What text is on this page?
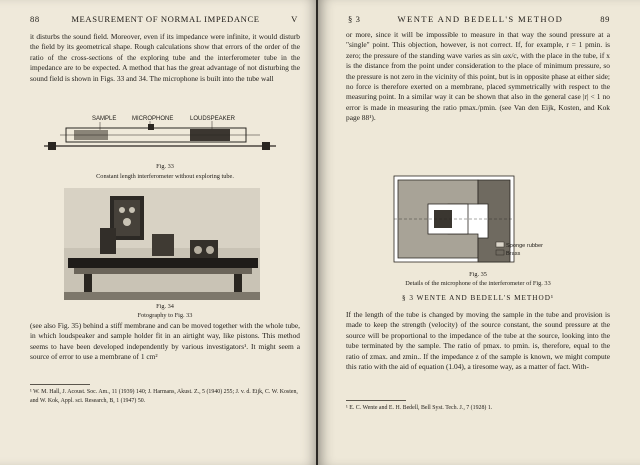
88	MEASUREMENT OF NORMAL IMPEDANCE	V

it disturbs the sound field. Moreover, even if its impedance were infinite, it would disturb the field by its geometrical shape. Rough calculations show that errors of the order of the ratio of the cross-sections of the exploring tube and the interferometer tube in the impedance are to be expected. A method that has the great advantage of not disturbing the sound field is shown in Figs. 33 and 34. The microphone is built into the tube wall

SAMPLE	MICROPHONE	LOUDSPEAKER
Fig. 33
Constant length interferometer without exploring tube.
Fig. 34
Fotography to Fig. 33

(see also Fig. 35) behind a stiff membrane and can be moved together with the whole tube, in which loudspeaker and sample holder fit in an airtight way, like pistons. This method seems to have been developed independently by various investigators¹. It might seem a source of error to use a membrane of 1 cm²

¹ W. M. Hall, J. Acoust. Soc. Am., 11 (1939) 140; J. Harmans, Akust. Z., 5 (1940) 255; J. v. d. Eijk, C. W. Kosten, and W. Kok, Appl. sci. Research, B, 1 (1947) 50.
§ 3	WENTE AND BEDELL'S METHOD	89

or more, since it will be impossible to measure in that way the sound pressure at a "single" point. This objection, however, is not correct. If, for example, r = 1 pmin. is zero; the pressure of the standing wave varies as sin ωx/c, with the place in the tube, if x is the distance from the point under consideration to the place of minimum pressure, so the pressure is not zero in the vicinity of this point, but is in opposite phase at either side; no force is therefore exerted on a membrane, placed symmetrically with respect to the measuring point. In a similar way it can be shown that also in the general case |r| < 1 no error is made in measuring the ratio pmax./pmin. (see Van den Eijk, Kosten, and Kok page 88¹).

Sponge rubber
Brass
Fig. 35
Details of the microphone of the interferometer of Fig. 33
§ 3 WENTE AND BEDELL'S METHOD¹

If the length of the tube is changed by moving the sample in the tube and provision is made to keep the strength (velocity) of the source constant, the sound pressure at the source will be proportional to the impedance of the tube at the source, looking into the tube terminated by the sample. The ratio of pmax. to pmin. is, therefore, equal to the ratio of zmax. and zmin.. If the impedance z of the sample is known, we might compute this ratio with the aid of equation (1.04), a tiresome way, as a matter of fact. With-

¹ E. C. Wente and E. H. Bedell, Bell Syst. Tech. J., 7 (1928) 1.
